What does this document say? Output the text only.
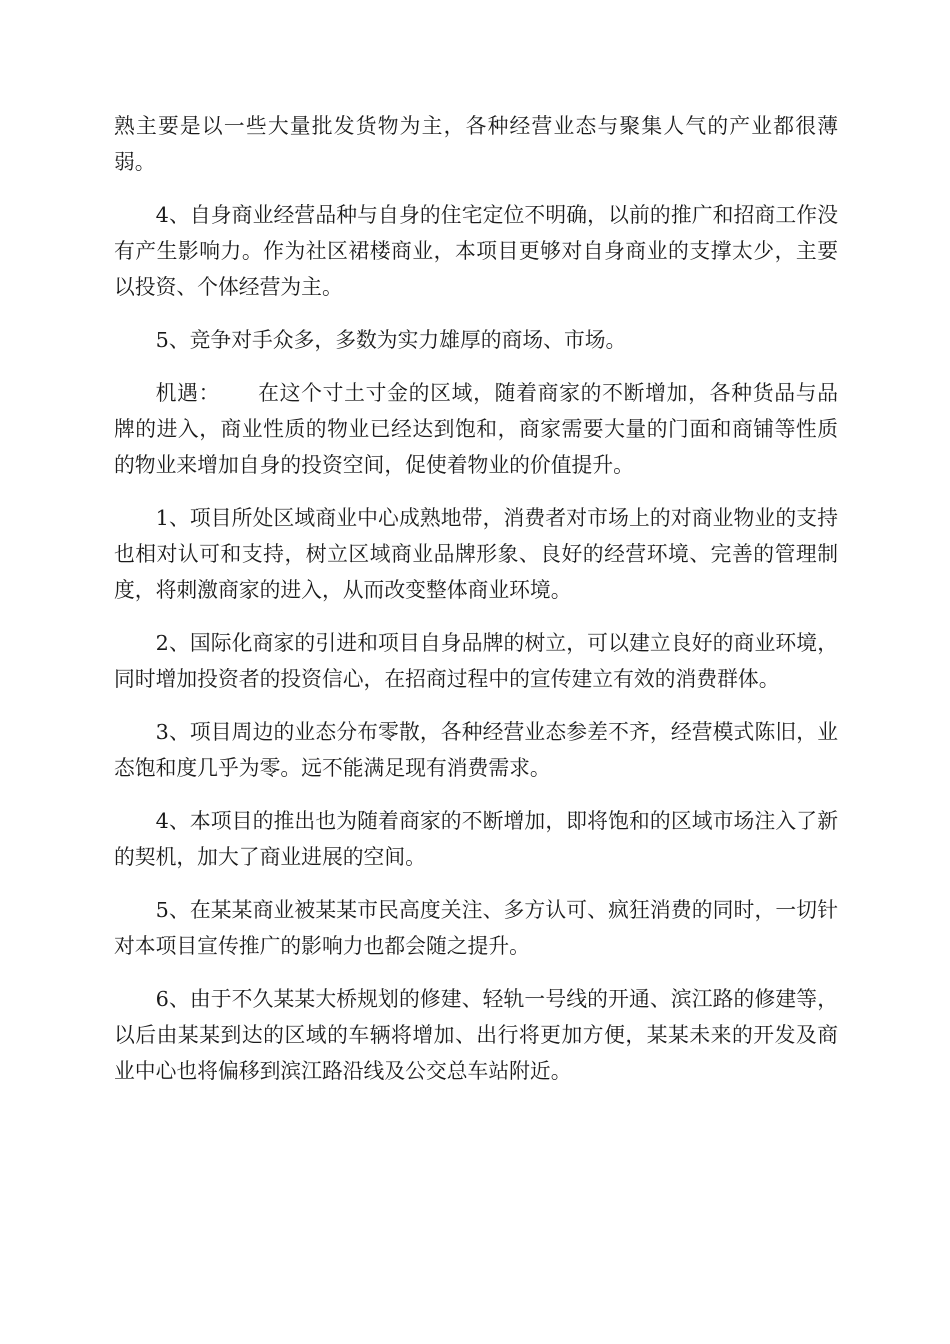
熟主要是以一些大量批发货物为主，各种经营业态与聚集人气的产业都很薄弱。

4、自身商业经营品种与自身的住宅定位不明确，以前的推广和招商工作没有产生影响力。作为社区裙楼商业，本项目更够对自身商业的支撑太少，主要以投资、个体经营为主。

5、竞争对手众多，多数为实力雄厚的商场、市场。

机遇： 在这个寸土寸金的区域，随着商家的不断增加，各种货品与品牌的进入，商业性质的物业已经达到饱和，商家需要大量的门面和商铺等性质的物业来增加自身的投资空间，促使着物业的价值提升。

1、项目所处区域商业中心成熟地带，消费者对市场上的对商业物业的支持也相对认可和支持，树立区域商业品牌形象、良好的经营环境、完善的管理制度，将刺激商家的进入，从而改变整体商业环境。

2、国际化商家的引进和项目自身品牌的树立，可以建立良好的商业环境，同时增加投资者的投资信心，在招商过程中的宣传建立有效的消费群体。

3、项目周边的业态分布零散，各种经营业态参差不齐，经营模式陈旧，业态饱和度几乎为零。远不能满足现有消费需求。

4、本项目的推出也为随着商家的不断增加，即将饱和的区域市场注入了新的契机，加大了商业进展的空间。

5、在某某商业被某某市民高度关注、多方认可、疯狂消费的同时，一切针对本项目宣传推广的影响力也都会随之提升。

6、由于不久某某大桥规划的修建、轻轨一号线的开通、滨江路的修建等，以后由某某到达的区域的车辆将增加、出行将更加方便，某某未来的开发及商业中心也将偏移到滨江路沿线及公交总车站附近。
